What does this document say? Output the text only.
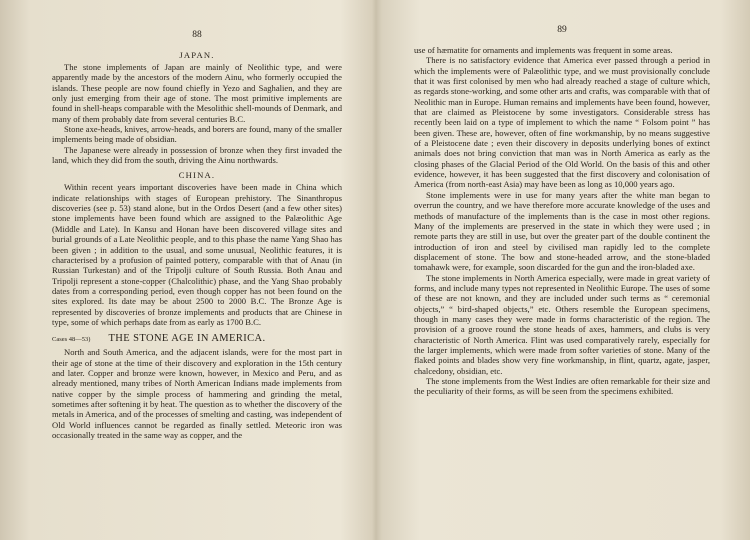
88
JAPAN.

The stone implements of Japan are mainly of Neolithic type, and were apparently made by the ancestors of the modern Ainu, who formerly occupied the islands. These people are now found chiefly in Yezo and Saghalien, and they are only just emerging from their age of stone. The most primitive implements are found in shell-heaps comparable with the Mesolithic shell-mounds of Denmark, and many of them probably date from several centuries B.C.

Stone axe-heads, knives, arrow-heads, and borers are found, many of the smaller implements being made of obsidian.

The Japanese were already in possession of bronze when they first invaded the land, which they did from the south, driving the Ainu northwards.

CHINA.

Within recent years important discoveries have been made in China which indicate relationships with stages of European prehistory. The Sinanthropus discoveries (see p. 53) stand alone, but in the Ordos Desert (and a few other sites) stone implements have been found which are assigned to the Palæolithic Age (Middle and Late). In Kansu and Honan have been discovered village sites and burial grounds of a Late Neolithic people, and to this phase the name Yang Shao has been given ; in addition to the usual, and some unusual, Neolithic features, it is characterised by a profusion of painted pottery, comparable with that of Anau (in Russian Turkestan) and of the Tripolji culture of South Russia. Both Anau and Tripolji represent a stone-copper (Chalcolithic) phase, and the Yang Shao probably dates from a corresponding period, even though copper has not been found on the sites explored. Its date may be about 2500 to 2000 B.C. The Bronze Age is represented by discoveries of bronze implements and products that are Chinese in type, some of which perhaps date from as early as 1700 B.C.

Cases 48—53) THE STONE AGE IN AMERICA.

North and South America, and the adjacent islands, were for the most part in their age of stone at the time of their discovery and exploration in the 15th century and later. Copper and bronze were known, however, in Mexico and Peru, and as already mentioned, many tribes of North American Indians made implements from native copper by the simple process of hammering and grinding the metal, sometimes after softening it by heat. The question as to whether the discovery of the metals in America, and of the processes of smelting and casting, was independent of Old World influences cannot be regarded as finally settled. Meteoric iron was occasionally treated in the same way as copper, and the

89

use of hæmatite for ornaments and implements was frequent in some areas.

There is no satisfactory evidence that America ever passed through a period in which the implements were of Palæolithic type, and we must provisionally conclude that it was first colonised by men who had already reached a stage of culture which, as regards stone-working, and some other arts and crafts, was comparable with that of Neolithic man in Europe. Human remains and implements have been found, however, that are claimed as Pleistocene by some investigators. Considerable stress has recently been laid on a type of implement to which the name “ Folsom point ” has been given. These are, however, often of fine workmanship, by no means suggestive of a Pleistocene date ; even their discovery in deposits underlying bones of extinct animals does not bring conviction that man was in North America as early as the closing phases of the Glacial Period of the Old World. On the basis of this and other evidence, however, it has been suggested that the first discovery and colonisation of America (from north-east Asia) may have been as long as 10,000 years ago.

Stone implements were in use for many years after the white man began to overrun the country, and we have therefore more accurate knowledge of the uses and methods of manufacture of the implements than is the case in most other regions. Many of the implements are preserved in the state in which they were used ; in remote parts they are still in use, but over the greater part of the double continent the introduction of iron and steel by civilised man rapidly led to the complete displacement of stone. The bow and stone-headed arrow, and the stone-bladed tomahawk were, for example, soon discarded for the gun and the iron-bladed axe.

The stone implements in North America especially, were made in great variety of forms, and include many types not represented in Neolithic Europe. The uses of some of these are not known, and they are included under such terms as “ ceremonial objects,” “ bird-shaped objects,” etc. Others resemble the European specimens, though in many cases they were made in forms characteristic of the region. The provision of a groove round the stone heads of axes, hammers, and clubs is very characteristic of North America. Flint was used comparatively rarely, especially for the larger implements, which were made from softer varieties of stone. Many of the flaked points and blades show very fine workmanship, in flint, quartz, agate, jasper, chalcedony, obsidian, etc.

The stone implements from the West Indies are often remarkable for their size and the peculiarity of their forms, as will be seen from the specimens exhibited.
